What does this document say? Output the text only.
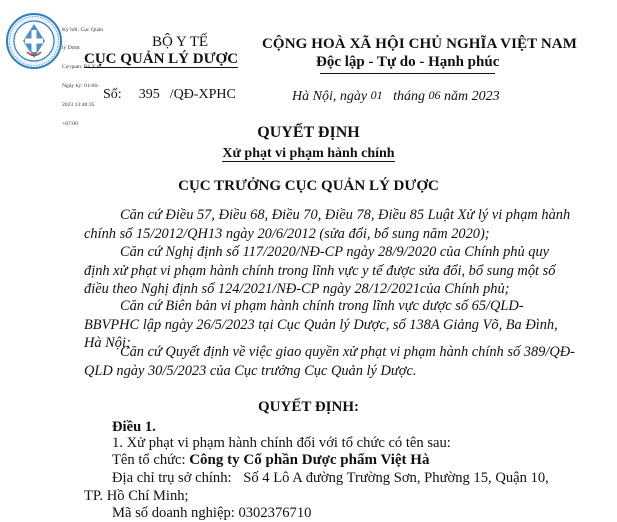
Ký bởi: Cục Quản

lý Dược

Cơ quan: Bộ Y tế

Ngày ký: 01-06-

2023 13:48:35

+07:00

BỘ Y TẾ
CỤC QUẢN LÝ DƯỢC
CỘNG HOÀ XÃ HỘI CHỦ NGHĨA VIỆT NAM
Độc lập - Tự do - Hạnh phúc
Số: 395 /QĐ-XPHC	Hà Nội, ngày 01 tháng 06 năm 2023
QUYẾT ĐỊNH
Xử phạt vi phạm hành chính
CỤC TRƯỞNG CỤC QUẢN LÝ DƯỢC
Căn cứ Điều 57, Điều 68, Điều 70, Điều 78, Điều 85 Luật Xử lý vi phạm hành chính số 15/2012/QH13 ngày 20/6/2012 (sửa đổi, bổ sung năm 2020);
Căn cứ Nghị định số 117/2020/NĐ-CP ngày 28/9/2020 của Chính phủ quy định xử phạt vi phạm hành chính trong lĩnh vực y tế được sửa đổi, bổ sung một số điều theo Nghị định số 124/2021/NĐ-CP ngày 28/12/2021của Chính phủ;
Căn cứ Biên bản vi phạm hành chính trong lĩnh vực dược số 65/QLD-BBVPHC lập ngày 26/5/2023 tại Cục Quản lý Dược, số 138A Giảng Võ, Ba Đình, Hà Nội;
Căn cứ Quyết định về việc giao quyền xử phạt vi phạm hành chính số 389/QĐ-QLD ngày 30/5/2023 của Cục trưởng Cục Quản lý Dược.
QUYẾT ĐỊNH:
Điều 1.
1. Xử phạt vi phạm hành chính đối với tổ chức có tên sau:
Tên tổ chức: Công ty Cổ phần Dược phẩm Việt Hà
Địa chỉ trụ sở chính: Số 4 Lô A đường Trường Sơn, Phường 15, Quận 10,
TP. Hồ Chí Minh;
Mã số doanh nghiệp: 0302376710
